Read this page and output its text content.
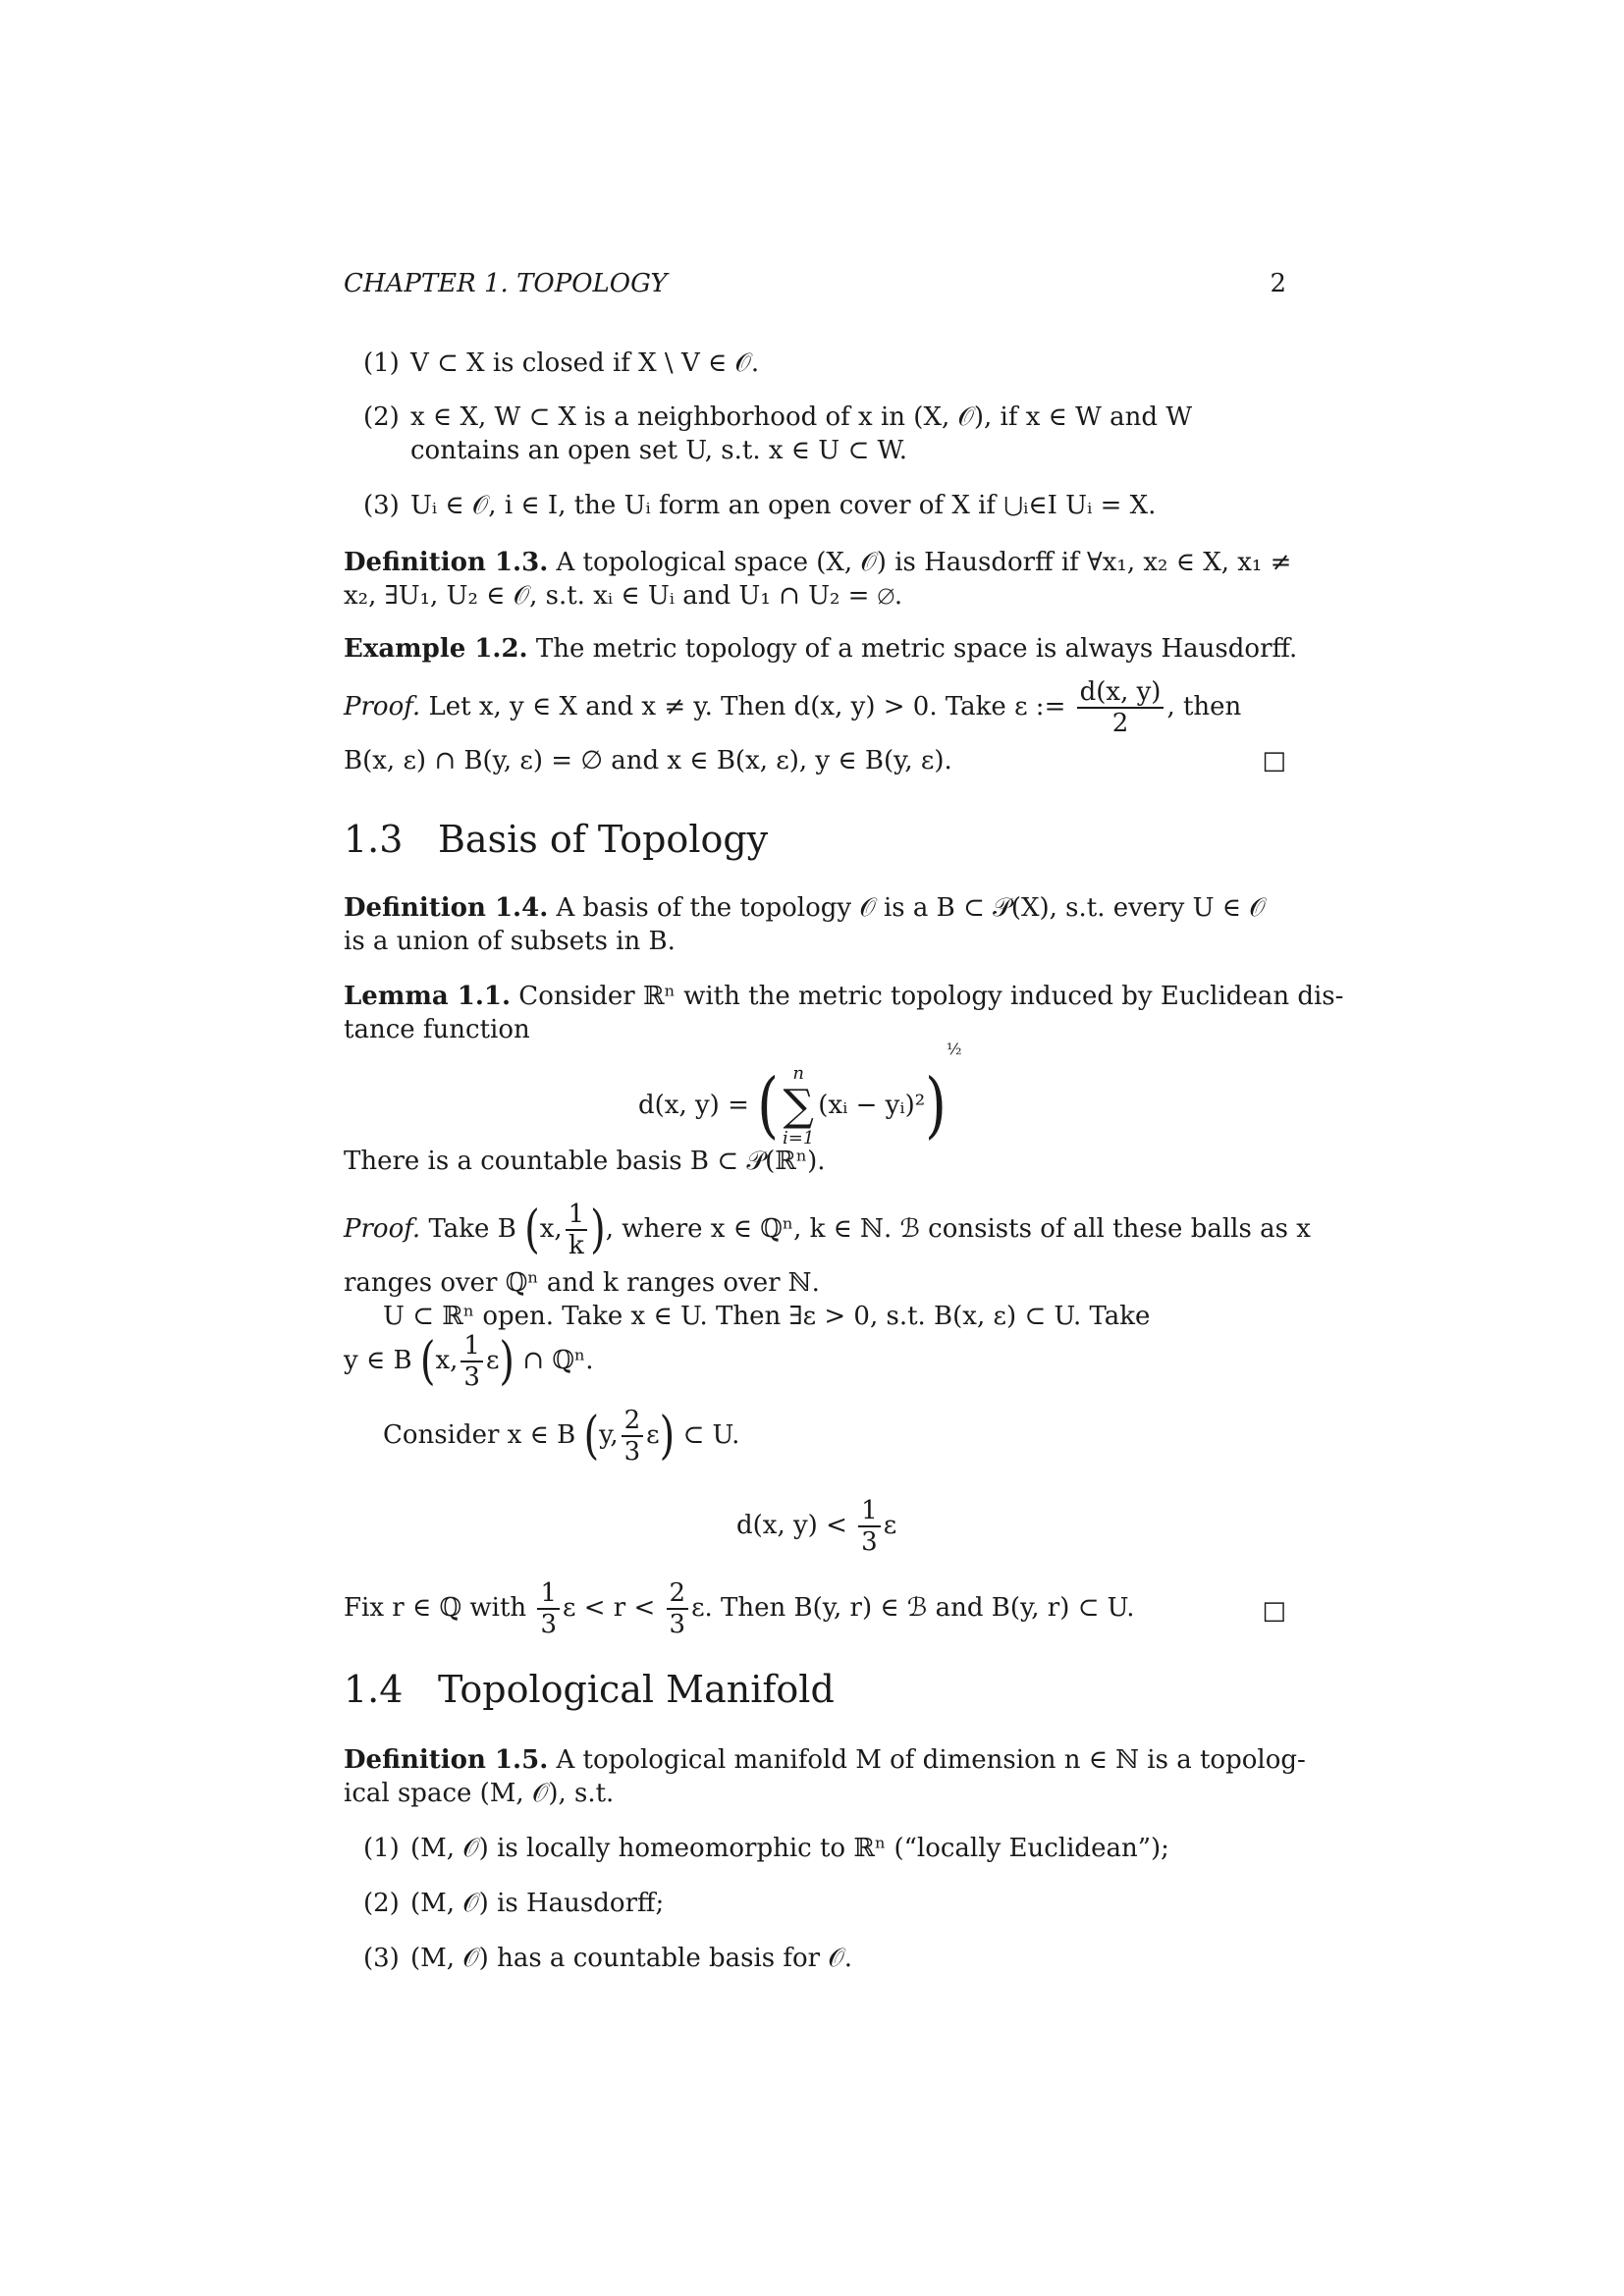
CHAPTER 1. TOPOLOGY	2
(1) V ⊂ X is closed if X \ V ∈ 𝒪.
(2) x ∈ X, W ⊂ X is a neighborhood of x in (X, 𝒪), if x ∈ W and W
contains an open set U, s.t. x ∈ U ⊂ W.
(3) Uᵢ ∈ 𝒪, i ∈ I, the Uᵢ form an open cover of X if ⋃ᵢ∈I Uᵢ = X.
Definition 1.3. A topological space (X, 𝒪) is Hausdorff if ∀x₁, x₂ ∈ X, x₁ ≠
x₂, ∃U₁, U₂ ∈ 𝒪, s.t. xᵢ ∈ Uᵢ and U₁ ∩ U₂ = ∅.
Example 1.2. The metric topology of a metric space is always Hausdorff.
Proof. Let x, y ∈ X and x ≠ y. Then d(x, y) > 0. Take ε := $\frac{d(x, y)}{2}$ , then
B(x, ε) ∩ B(y, ε) = ∅ and x ∈ B(x, ε), y ∈ B(y, ε).	□
1.3 Basis of Topology
Definition 1.4. A basis of the topology 𝒪 is a B ⊂ 𝒫(X), s.t. every U ∈ 𝒪
is a union of subsets in B.
Lemma 1.1. Consider ℝⁿ with the metric topology induced by Euclidean dis-
tance function
d(x, y) = ( n
∑
i=1
(xᵢ − yᵢ)²)$^{\frac{1}{2}}$
There is a countable basis B ⊂ 𝒫(ℝⁿ).
Proof. Take B (x, $\frac{1}{k}$ ), where x ∈ ℚⁿ, k ∈ ℕ. ℬ consists of all these balls as x
ranges over ℚⁿ and k ranges over ℕ.
U ⊂ ℝⁿ open. Take x ∈ U. Then ∃ε > 0, s.t. B(x, ε) ⊂ U. Take
y ∈ B (x, $\frac{1}{3} \varepsilon$) ∩ ℚⁿ.
Consider x ∈ B (y, $\frac{2}{3} \varepsilon$) ⊂ U.
d(x, $y) < \frac{1}{3}$ ε
Fix r ∈ ℚ with $\frac{1}{3}$ $\varepsilon < r < \frac{2}{3} \varepsilon$. Then B(y, r) ∈ ℬ and B(y, r) ⊂ U.	□
1.4 Topological Manifold
Definition 1.5. A topological manifold M of dimension n ∈ ℕ is a topolog-
ical space (M, 𝒪), s.t.
(1) (M, 𝒪) is locally homeomorphic to ℝⁿ (“locally Euclidean”);
(2) (M, 𝒪) is Hausdorff;
(3) (M, 𝒪) has a countable basis for 𝒪.
